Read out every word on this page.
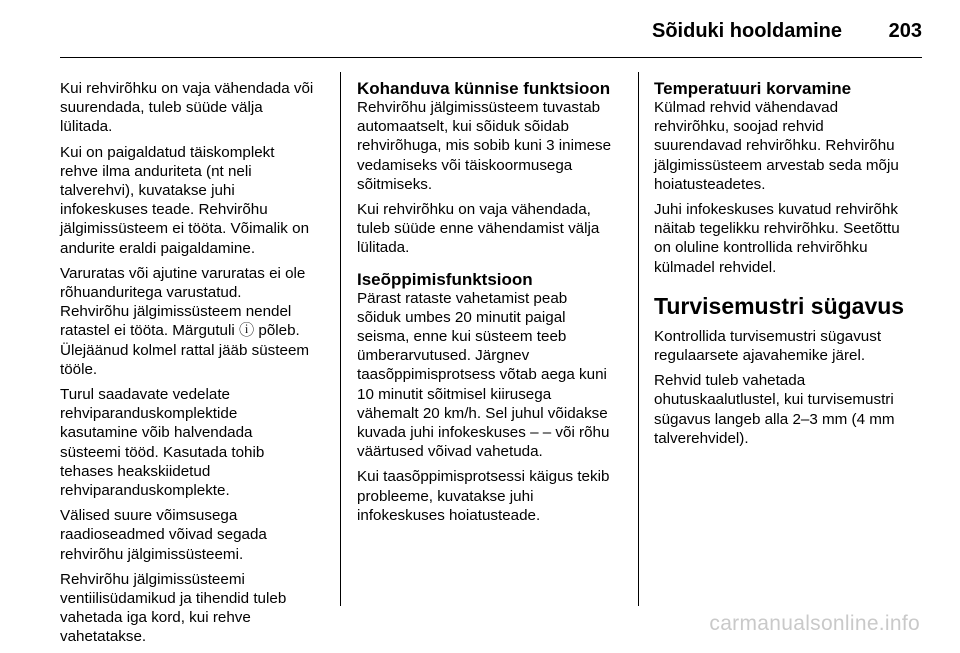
Sõiduki hooldamine 203

Kui rehvirõhku on vaja vähendada või
suurendada, tuleb süüde välja
lülitada.

Kui on paigaldatud täiskomplekt
rehve ilma anduriteta (nt neli
talverehvi), kuvatakse juhi
infokeskuses teade. Rehvirõhu
jälgimissüsteem ei tööta. Võimalik on
andurite eraldi paigaldamine.

Varuratas või ajutine varuratas ei ole
rõhuanduritega varustatud.
Rehvirõhu jälgimissüsteem nendel
ratastel ei tööta. Märgutuli ⓘ põleb.
Ülejäänud kolmel rattal jääb süsteem
tööle.

Turul saadavate vedelate
rehviparanduskomplektide
kasutamine võib halvendada
süsteemi tööd. Kasutada tohib
tehases heakskiidetud
rehviparanduskomplekte.

Välised suure võimsusega
raadioseadmed võivad segada
rehvirõhu jälgimissüsteemi.

Rehvirõhu jälgimissüsteemi
ventiilisüdamikud ja tihendid tuleb
vahetada iga kord, kui rehve
vahetatakse.

Kohanduva künnise funktsioon

Rehvirõhu jälgimissüsteem tuvastab
automaatselt, kui sõiduk sõidab
rehvirõhuga, mis sobib kuni 3 inimese
vedamiseks või täiskoormusega
sõitmiseks.

Kui rehvirõhku on vaja vähendada,
tuleb süüde enne vähendamist välja
lülitada.

Iseõppimisfunktsioon

Pärast rataste vahetamist peab
sõiduk umbes 20 minutit paigal
seisma, enne kui süsteem teeb
ümberarvutused. Järgnev
taasõppimisprotsess võtab aega kuni
10 minutit sõitmisel kiirusega
vähemalt 20 km/h. Sel juhul võidakse
kuvada juhi infokeskuses – – või rõhu
väärtused võivad vahetuda.

Kui taasõppimisprotsessi käigus tekib
probleeme, kuvatakse juhi
infokeskuses hoiatusteade.

Temperatuuri korvamine

Külmad rehvid vähendavad
rehvirõhku, soojad rehvid
suurendavad rehvirõhku. Rehvirõhu
jälgimissüsteem arvestab seda mõju
hoiatusteadetes.

Juhi infokeskuses kuvatud rehvirõhk
näitab tegelikku rehvirõhku. Seetõttu
on oluline kontrollida rehvirõhku
külmadel rehvidel.

Turvisemustri sügavus

Kontrollida turvisemustri sügavust
regulaarsete ajavahemike järel.

Rehvid tuleb vahetada
ohutuskaalutlustel, kui turvisemustri
sügavus langeb alla 2–3 mm (4 mm
talverehvidel).

carmanualsonline.info
